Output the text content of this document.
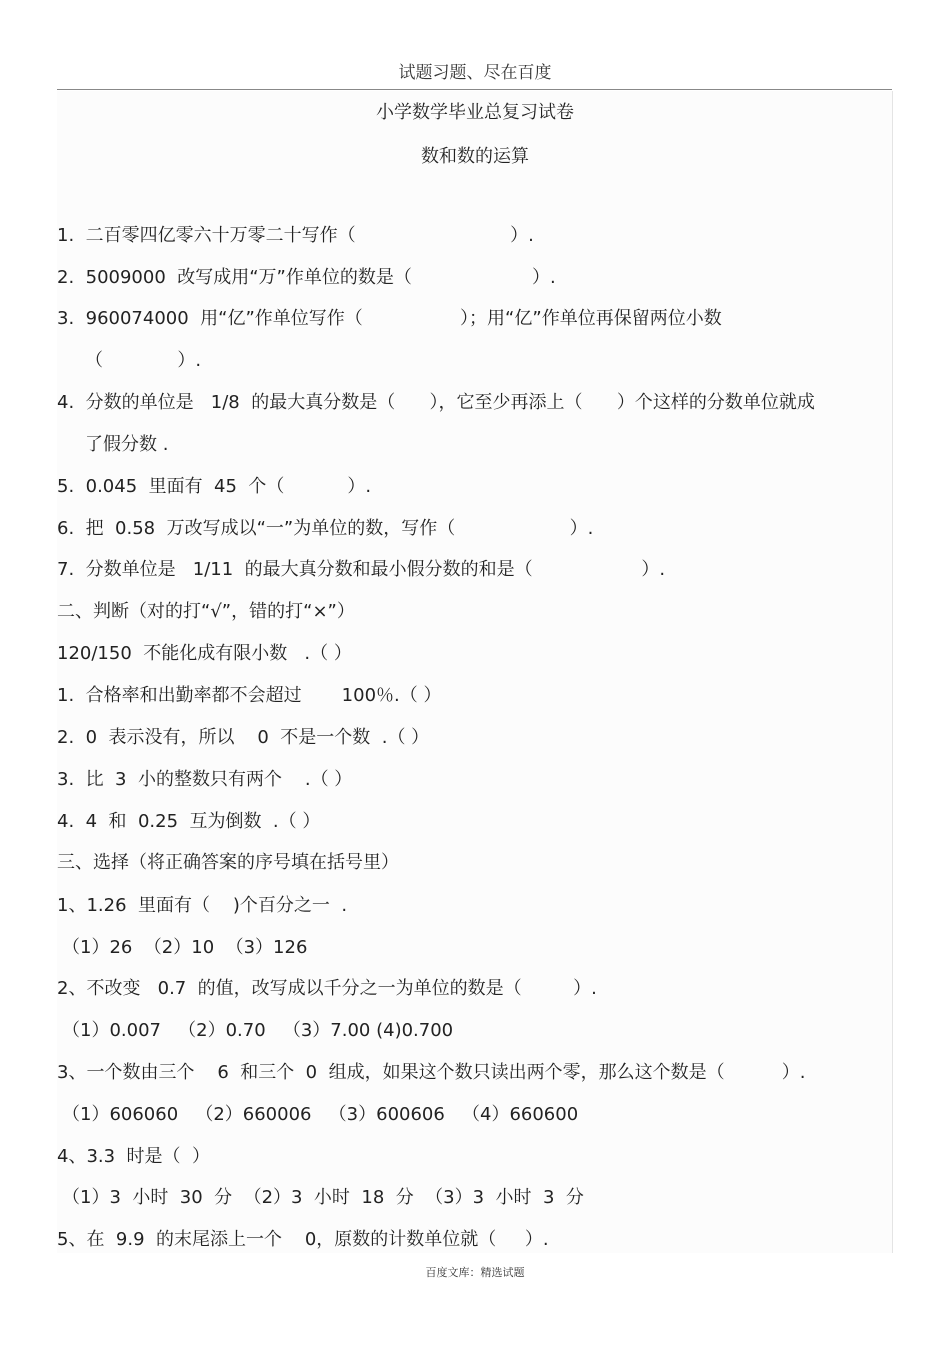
试题习题、尽在百度
小学数学毕业总复习试卷
数和数的运算
1.  二百零四亿零六十万零二十写作（                           ）.
2.  5009000  改写成用“万”作单位的数是（                     ）.
3.  960074000  用“亿”作单位写作（                 ）；用“亿”作单位再保留两位小数
（             ）.
4.  分数的单位是   1/8  的最大真分数是（      ），它至少再添上（      ）个这样的分数单位就成
了假分数 .
5.  0.045  里面有  45  个（           ）.
6.  把  0.58  万改写成以“一”为单位的数，写作（                    ）.
7.  分数单位是   1/11  的最大真分数和最小假分数的和是（                   ）.
二、判断（对的打“√”，错的打“×”）
120/150  不能化成有限小数   .（ ）
1.  合格率和出勤率都不会超过       100％.（ ）
2.  0  表示没有，所以    0  不是一个数  .（ ）
3.  比  3  小的整数只有两个    .（ ）
4.  4  和  0.25  互为倒数  .（ ）
三、选择（将正确答案的序号填在括号里）
1、1.26  里面有（    )个百分之一  .
（1）26  （2）10  （3）126
2、不改变   0.7  的值，改写成以千分之一为单位的数是（         ）.
（1）0.007   （2）0.70   （3）7.00 (4)0.700
3、一个数由三个    6  和三个  0  组成，如果这个数只读出两个零，那么这个数是（          ）.
（1）606060   （2）660006   （3）600606   （4）660600
4、3.3  时是（  ）
（1）3  小时  30  分  （2）3  小时  18  分  （3）3  小时  3  分
5、在  9.9  的末尾添上一个    0，原数的计数单位就（     ）.
百度文库：精选试题
